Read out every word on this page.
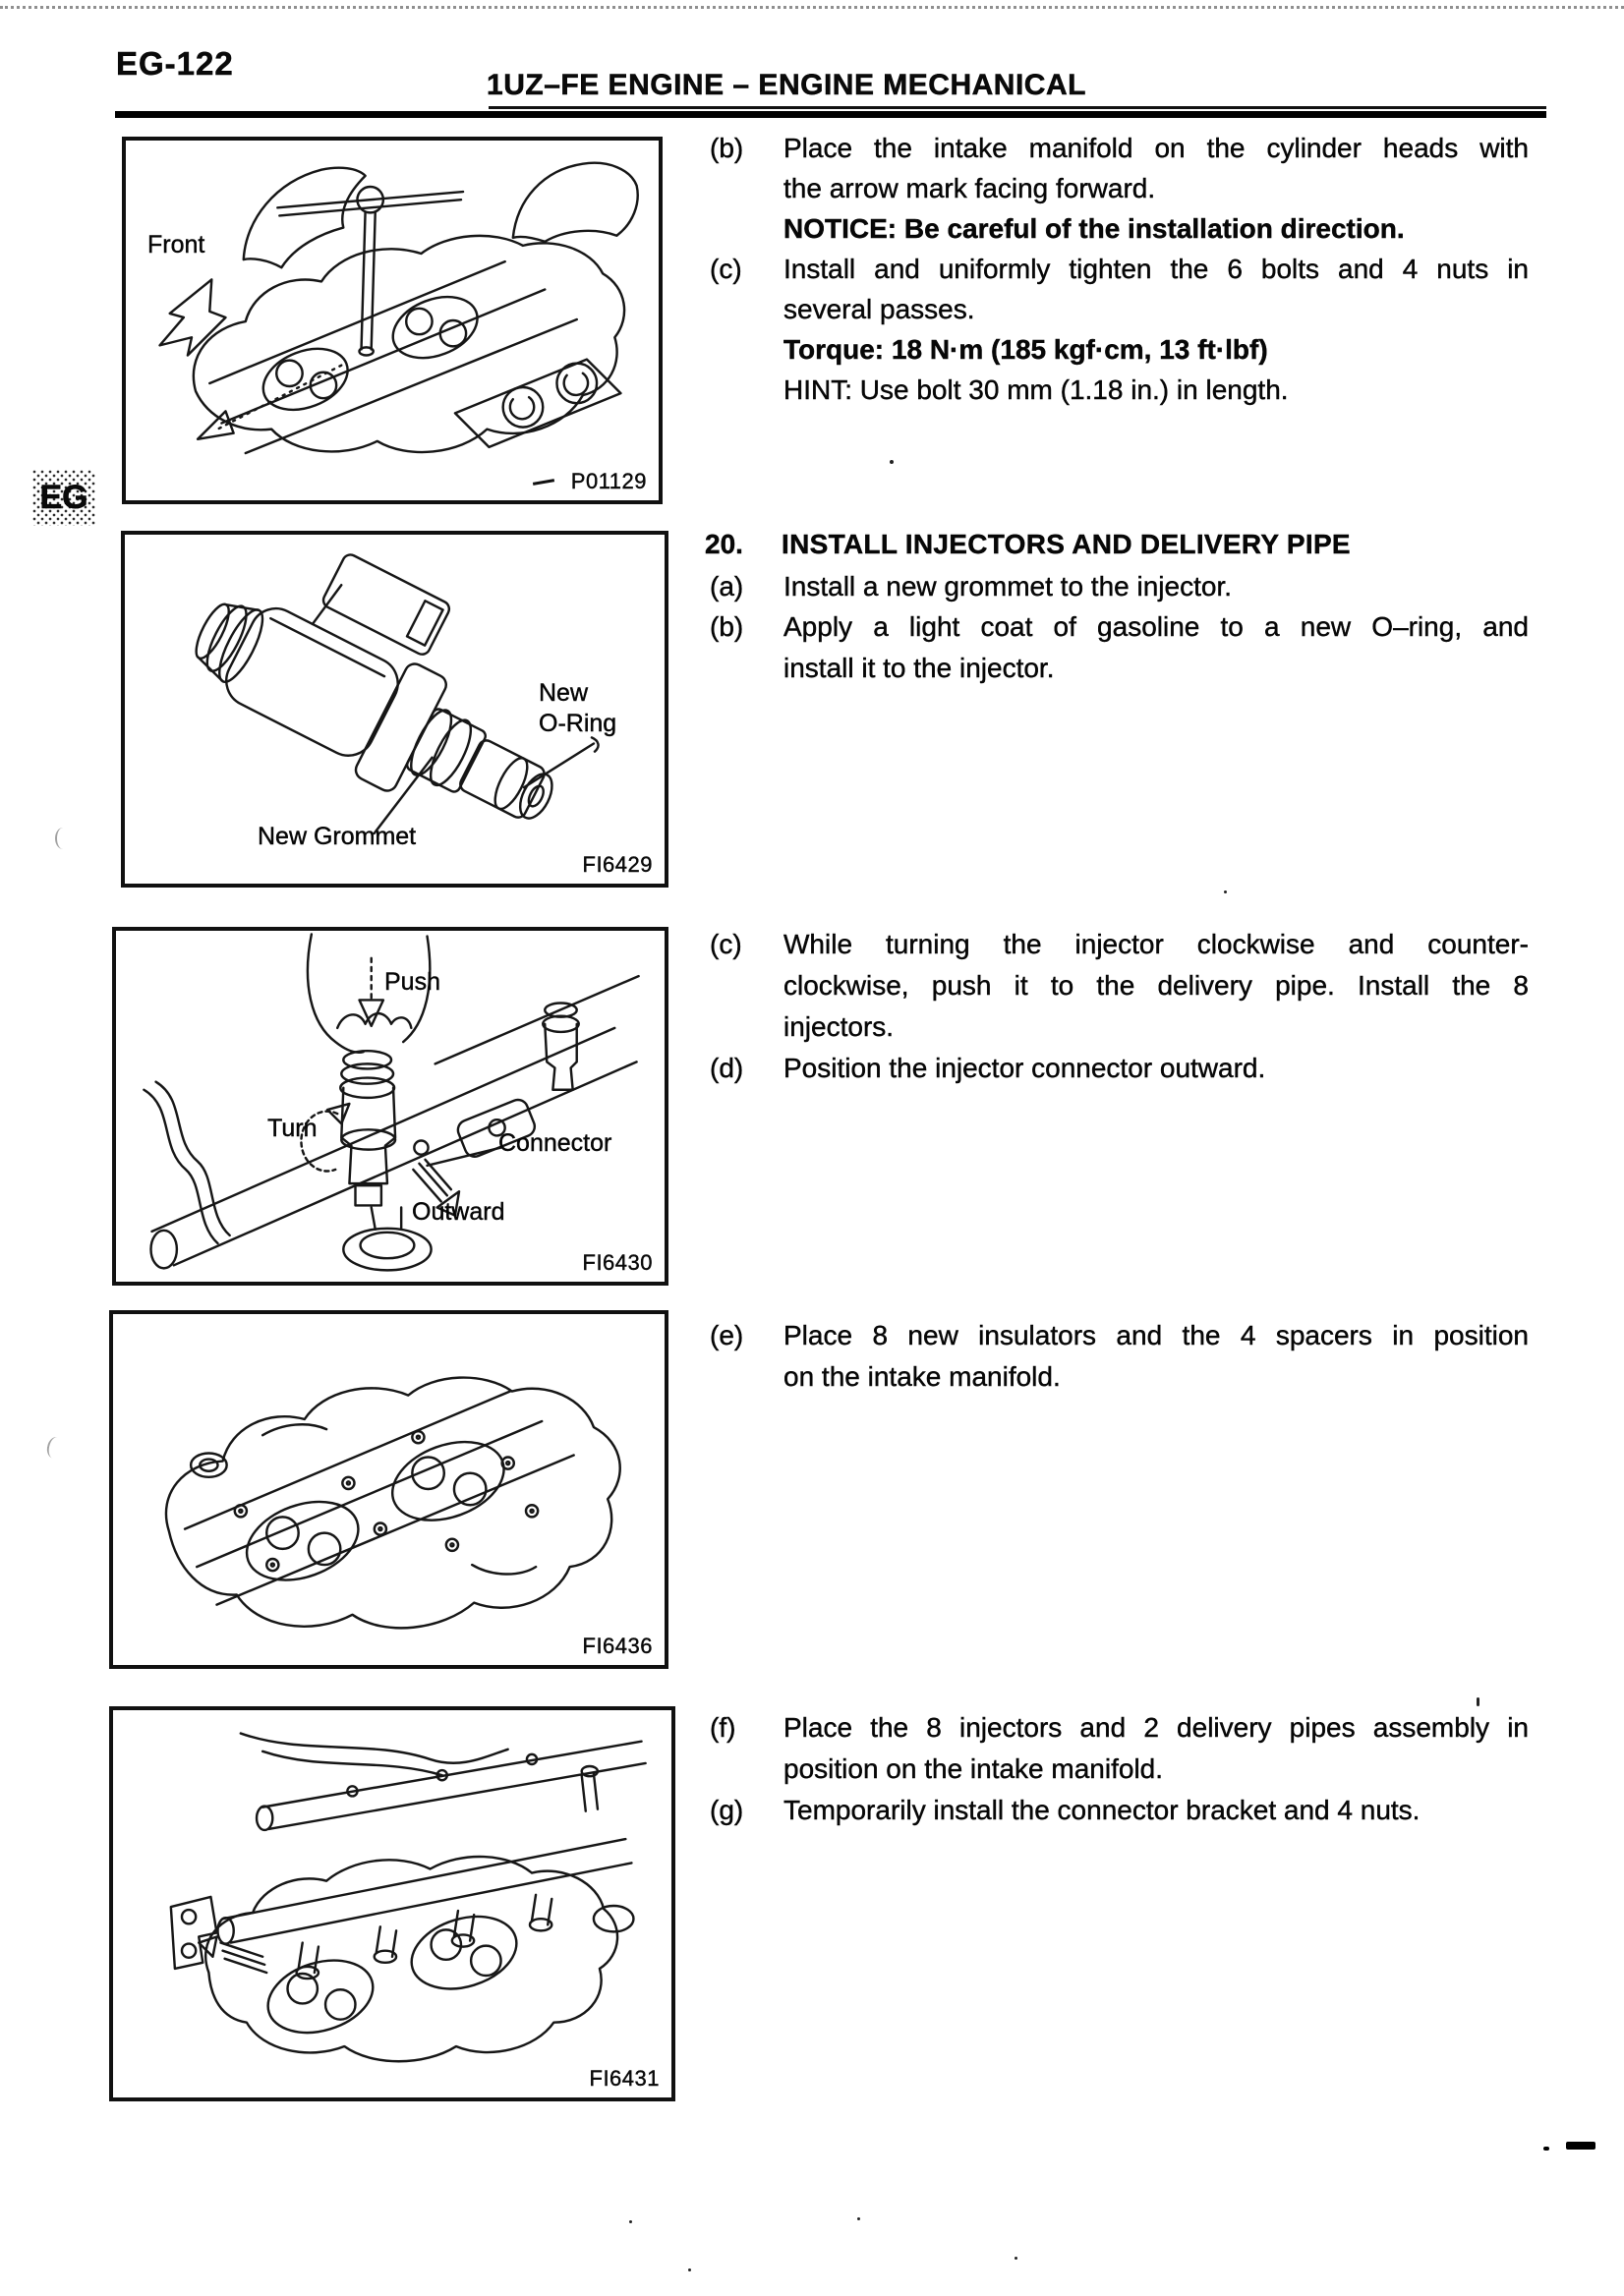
EG-122
1UZ–FE ENGINE – ENGINE MECHANICAL
EG
Front
P01129
New
O-Ring
New Grommet
FI6429
Push
Turn
Connector
Outward
FI6430
FI6436
FI6431
(b) Place the intake manifold on the cylinder heads with
the arrow mark facing forward.
NOTICE: Be careful of the installation direction.
(c) Install and uniformly tighten the 6 bolts and 4 nuts in
several passes.
Torque: 18 N·m (185 kgf·cm, 13 ft·lbf)
HINT: Use bolt 30 mm (1.18 in.) in length.
20. INSTALL INJECTORS AND DELIVERY PIPE
(a) Install a new grommet to the injector.
(b) Apply a light coat of gasoline to a new O–ring, and
install it to the injector.
(c) While turning the injector clockwise and counter-
clockwise, push it to the delivery pipe. Install the 8
injectors.
(d) Position the injector connector outward.
(e) Place 8 new insulators and the 4 spacers in position
on the intake manifold.
(f) Place the 8 injectors and 2 delivery pipes assembly in
position on the intake manifold.
(g) Temporarily install the connector bracket and 4 nuts.
